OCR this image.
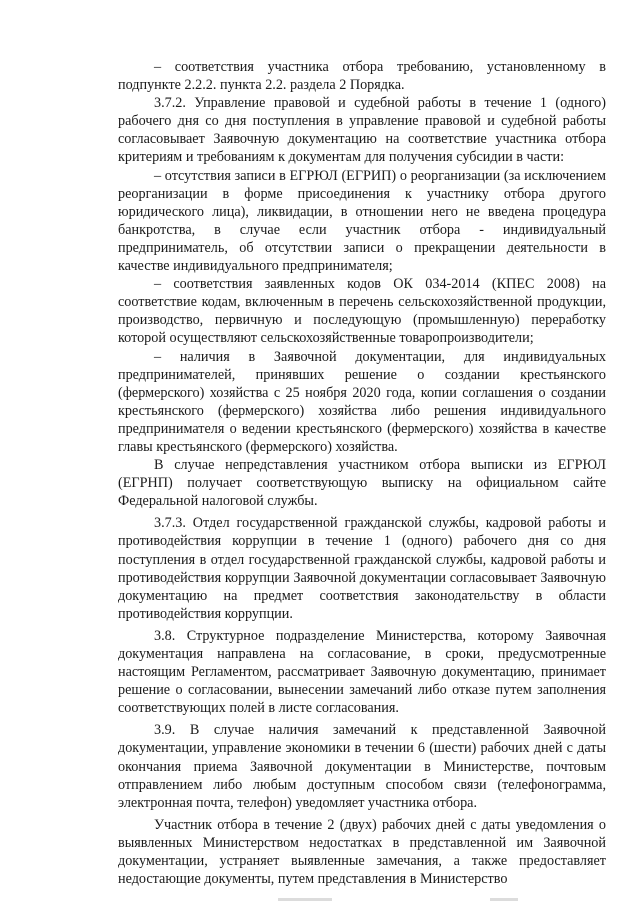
– соответствия участника отбора требованию, установленному в подпункте 2.2.2. пункта 2.2. раздела 2 Порядка.

3.7.2. Управление правовой и судебной работы в течение 1 (одного) рабочего дня со дня поступления в управление правовой и судебной работы согласовывает Заявочную документацию на соответствие участника отбора критериям и требованиям к документам для получения субсидии в части:

– отсутствия записи в ЕГРЮЛ (ЕГРИП) о реорганизации (за исключением реорганизации в форме присоединения к участнику отбора другого юридического лица), ликвидации, в отношении него не введена процедура банкротства, в случае если участник отбора - индивидуальный предприниматель, об отсутствии записи о прекращении деятельности в качестве индивидуального предпринимателя;

– соответствия заявленных кодов ОК 034-2014 (КПЕС 2008) на соответствие кодам, включенным в перечень сельскохозяйственной продукции, производство, первичную и последующую (промышленную) переработку которой осуществляют сельскохозяйственные товаропроизводители;

– наличия в Заявочной документации, для индивидуальных предпринимателей, принявших решение о создании крестьянского (фермерского) хозяйства с 25 ноября 2020 года, копии соглашения о создании крестьянского (фермерского) хозяйства либо решения индивидуального предпринимателя о ведении крестьянского (фермерского) хозяйства в качестве главы крестьянского (фермерского) хозяйства.

В случае непредставления участником отбора выписки из ЕГРЮЛ (ЕГРНП) получает соответствующую выписку на официальном сайте Федеральной налоговой службы.

3.7.3. Отдел государственной гражданской службы, кадровой работы и противодействия коррупции в течение 1 (одного) рабочего дня со дня поступления в отдел государственной гражданской службы, кадровой работы и противодействия коррупции Заявочной документации согласовывает Заявочную документацию на предмет соответствия законодательству в области противодействия коррупции.

3.8. Структурное подразделение Министерства, которому Заявочная документация направлена на согласование, в сроки, предусмотренные настоящим Регламентом, рассматривает Заявочную документацию, принимает решение о согласовании, вынесении замечаний либо отказе путем заполнения соответствующих полей в листе согласования.

3.9. В случае наличия замечаний к представленной Заявочной документации, управление экономики в течении 6 (шести) рабочих дней с даты окончания приема Заявочной документации в Министерстве, почтовым отправлением либо любым доступным способом связи (телефонограмма, электронная почта, телефон) уведомляет участника отбора.

Участник отбора в течение 2 (двух) рабочих дней с даты уведомления о выявленных Министерством недостатках в представленной им Заявочной документации, устраняет выявленные замечания, а также предоставляет недостающие документы, путем представления в Министерство
